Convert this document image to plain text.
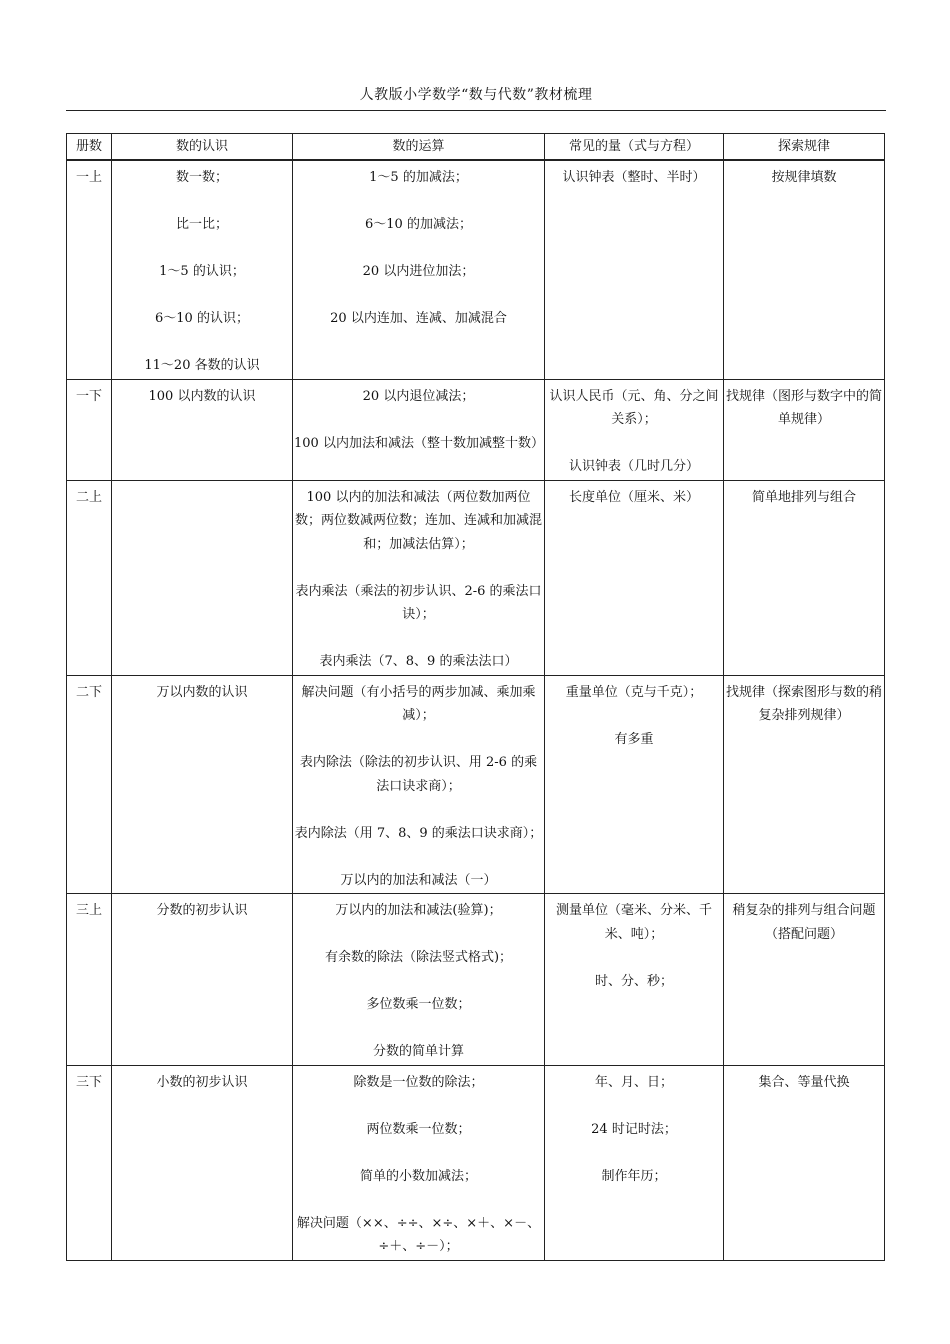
人教版小学数学“数与代数”教材梳理
册数	数的认识	数的运算	常见的量（式与方程）	探索规律
一上	数一数；
比一比；
1～5 的认识；
6～10 的认识；
11～20 各数的认识	1～5 的加减法；
6～10 的加减法；
20 以内进位加法；
20 以内连加、连减、加减混合	认识钟表（整时、半时）	按规律填数

一下	100 以内数的认识	20 以内退位减法；
100 以内加法和减法（整十数加减整十数）	认识人民币（元、角、分之间关系）；
认识钟表（几时几分）	找规律（图形与数字中的简单规律）

二上		100 以内的加法和减法（两位数加两位数；两位数减两位数；连加、连减和加减混和；加减法估算）；
表内乘法（乘法的初步认识、2-6 的乘法口诀）；
表内乘法（7、8、9 的乘法法口）	长度单位（厘米、米）	简单地排列与组合

二下	万以内数的认识	解决问题（有小括号的两步加减、乘加乘减）；
表内除法（除法的初步认识、用 2-6 的乘法口诀求商）；
表内除法（用 7、8、9 的乘法口诀求商）；
万以内的加法和减法（一）	重量单位（克与千克）；
有多重	找规律（探索图形与数的稍复杂排列规律）

三上	分数的初步认识	万以内的加法和减法(验算)；
有余数的除法（除法竖式格式)；
多位数乘一位数；
分数的简单计算	测量单位（毫米、分米、千米、吨）；
时、分、秒；	稍复杂的排列与组合问题（搭配问题）

三下	小数的初步认识	除数是一位数的除法；
两位数乘一位数；
简单的小数加减法；
解决问题（××、÷÷、×÷、×＋、×－、÷＋、÷－）；	年、月、日；
24 时记时法；
制作年历；	集合、等量代换
